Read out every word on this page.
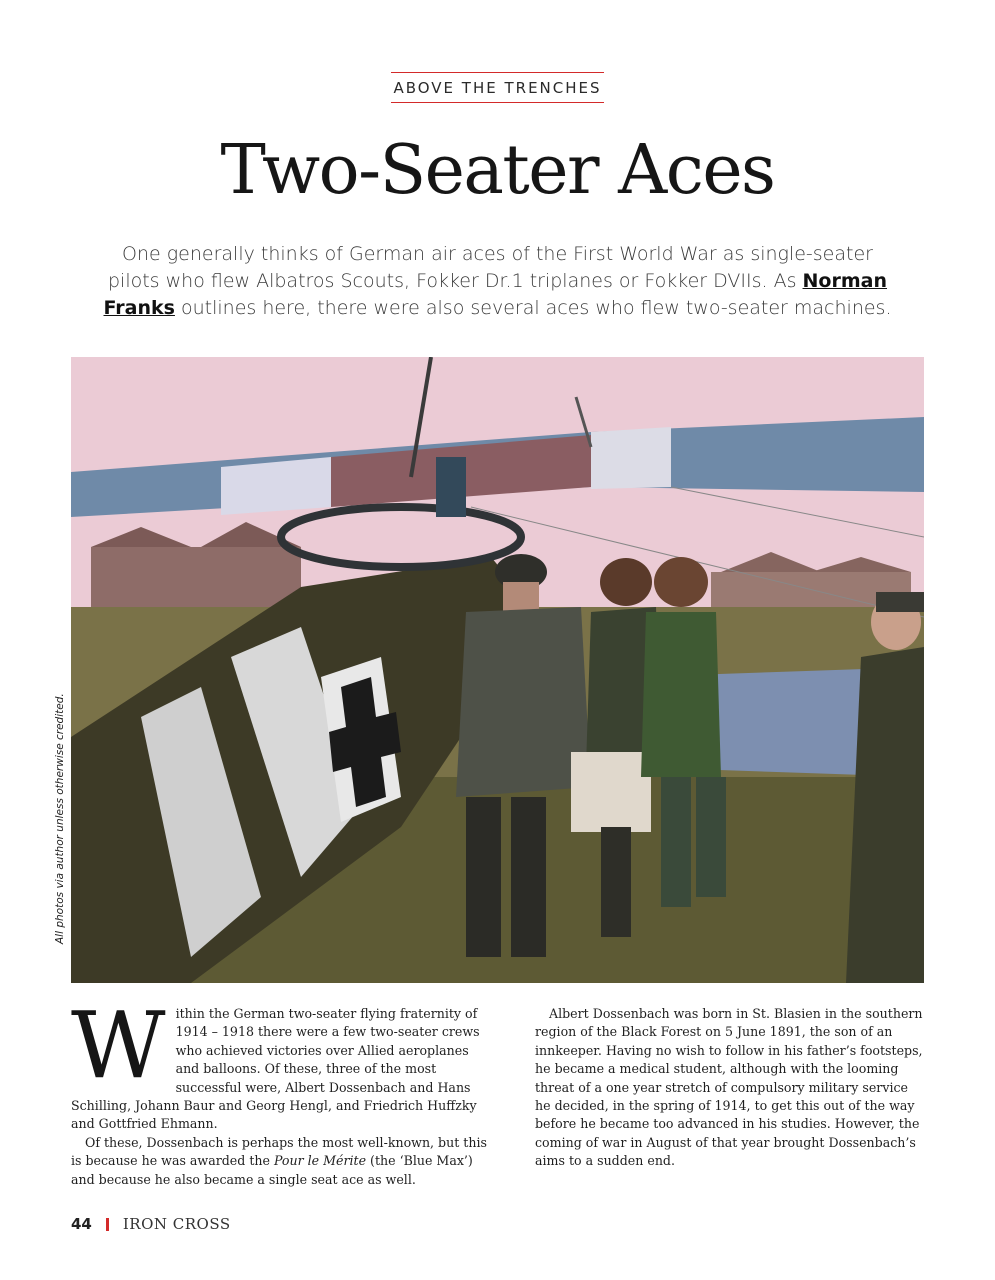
ABOVE THE TRENCHES
Two-Seater Aces

One generally thinks of German air aces of the First World War as single-seater pilots who flew Albatros Scouts, Fokker Dr.1 triplanes or Fokker DVIIs. As Norman Franks outlines here, there were also several aces who flew two-seater machines.

All photos via author unless otherwise credited.

Within the German two-seater flying fraternity of 1914 – 1918 there were a few two-seater crews who achieved victories over Allied aeroplanes and balloons. Of these, three of the most successful were, Albert Dossenbach and Hans Schilling, Johann Baur and Georg Hengl, and Friedrich Huffzky and Gottfried Ehmann.

Of these, Dossenbach is perhaps the most well-known, but this is because he was awarded the Pour le Mérite (the ‘Blue Max’) and because he also became a single seat ace as well.

Albert Dossenbach was born in St. Blasien in the southern region of the Black Forest on 5 June 1891, the son of an innkeeper. Having no wish to follow in his father’s footsteps, he became a medical student, although with the looming threat of a one year stretch of compulsory military service he decided, in the spring of 1914, to get this out of the way before he became too advanced in his studies. However, the coming of war in August of that year brought Dossenbach’s aims to a sudden end.

44 IRON CROSS
